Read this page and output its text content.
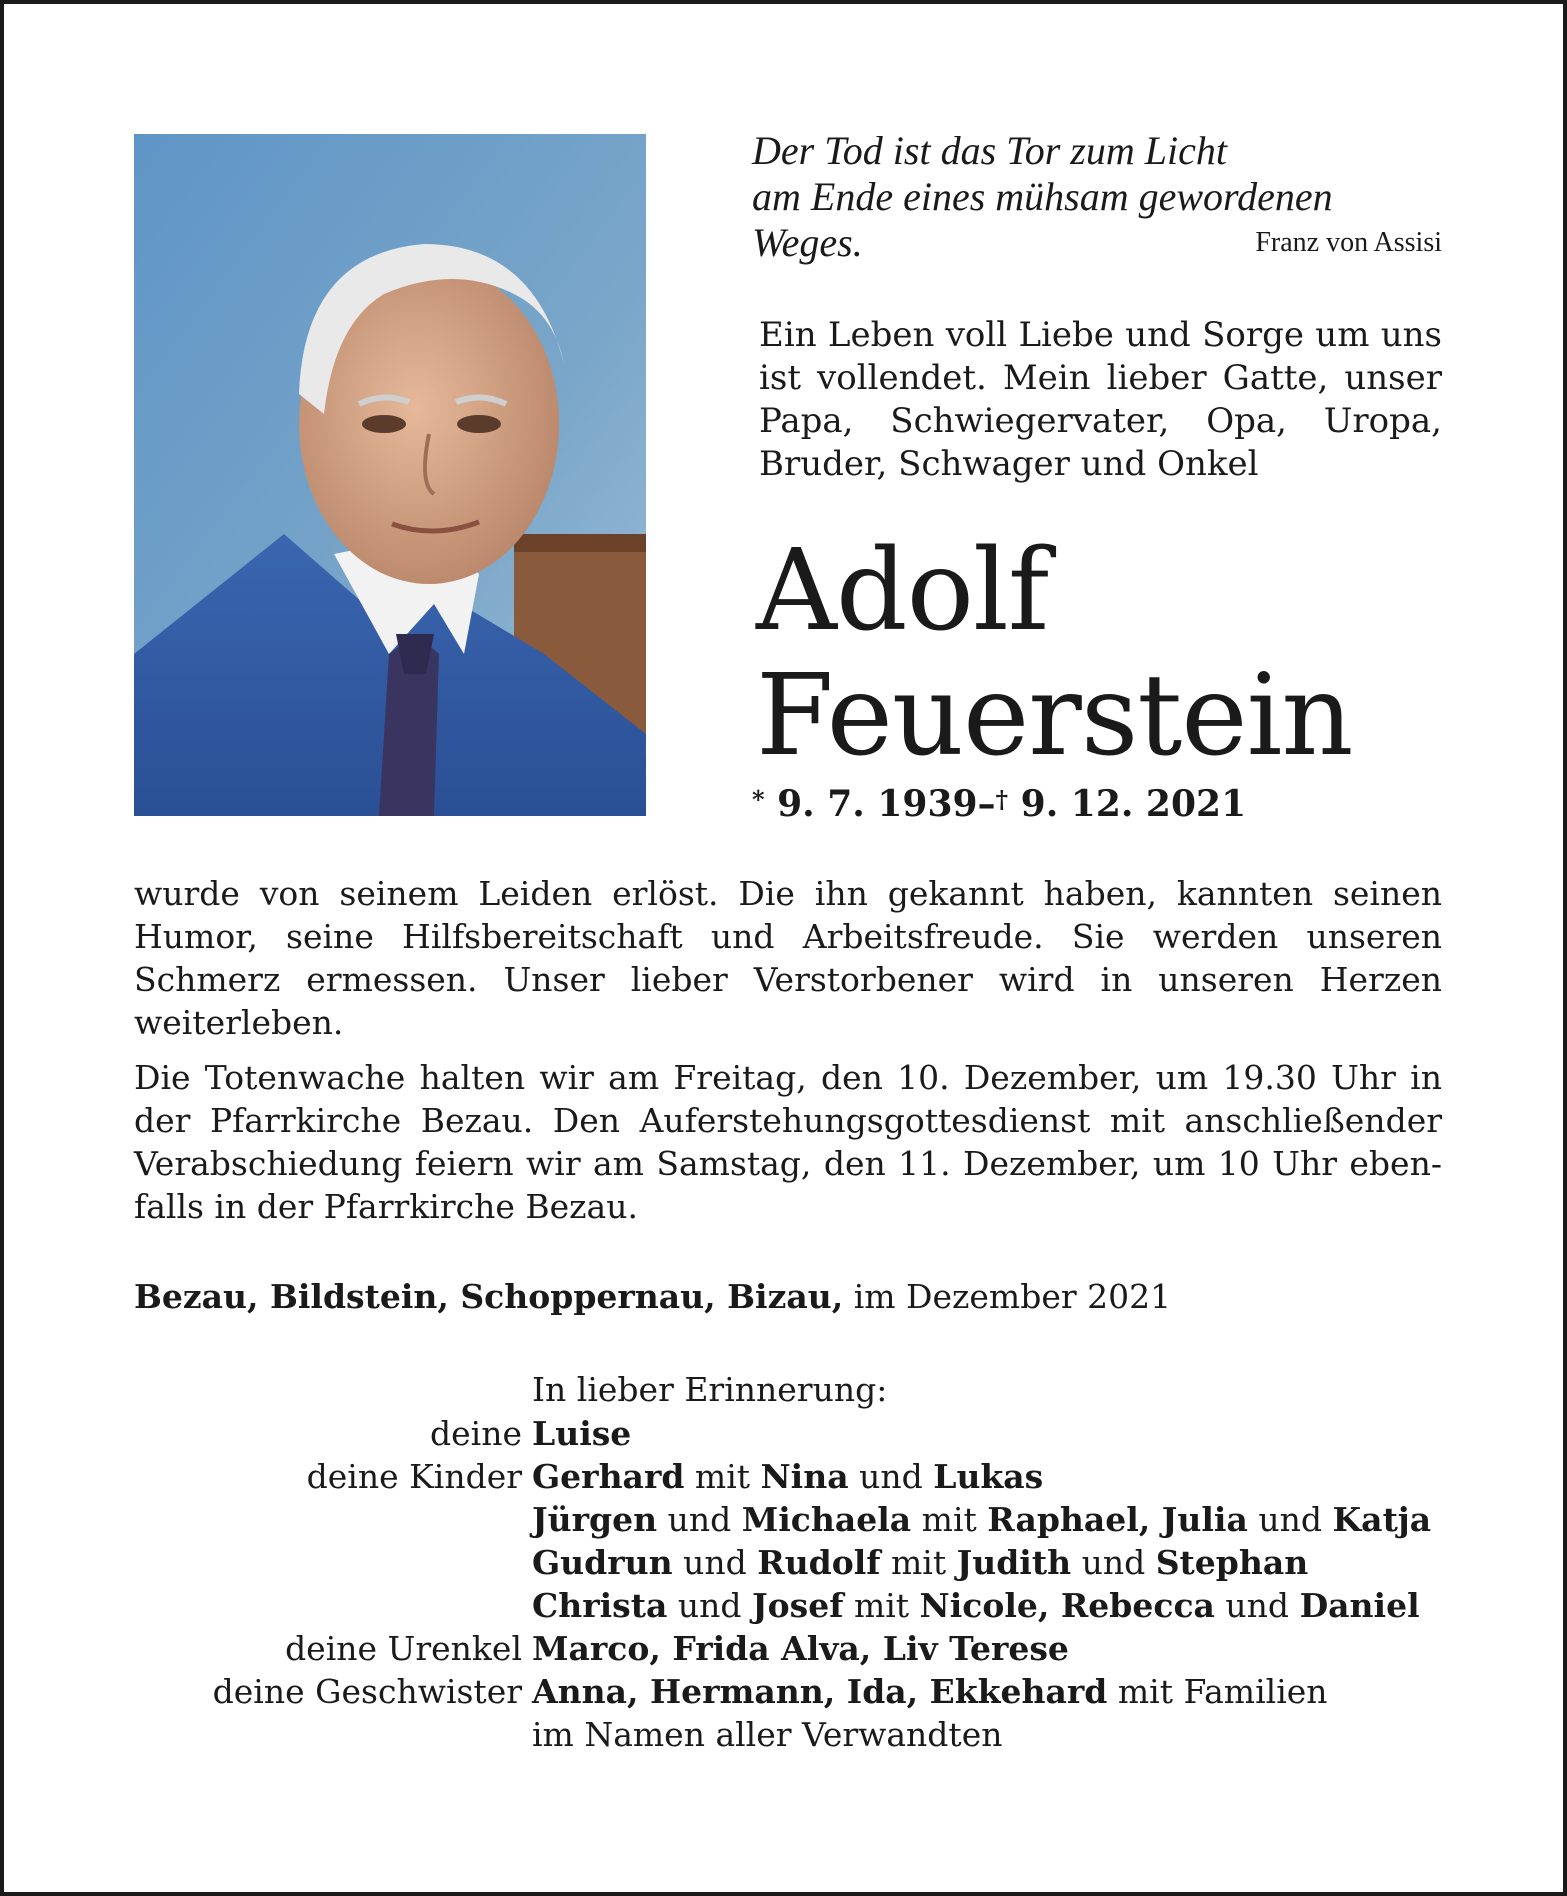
Der Tod ist das Tor zum Licht
am Ende eines mühsam gewordenen Weges.	Franz von Assisi
Ein Leben voll Liebe und Sorge um uns ist vollendet. Mein lieber Gatte, unser Papa, Schwiegervater, Opa, Uropa, Bruder, Schwager und Onkel
Adolf
Feuerstein
* 9. 7. 1939–† 9. 12. 2021
wurde von seinem Leiden erlöst. Die ihn gekannt haben, kannten seinen Humor, seine Hilfsbereitschaft und Arbeitsfreude. Sie werden unseren Schmerz ermessen. Unser lieber Verstorbener wird in unseren Herzen weiterleben.
Die Totenwache halten wir am Freitag, den 10. Dezember, um 19.30 Uhr in der Pfarrkirche Bezau. Den Auferstehungsgottesdienst mit anschließender Verabschiedung feiern wir am Samstag, den 11. Dezember, um 10 Uhr ebenfalls in der Pfarrkirche Bezau.
Bezau, Bildstein, Schoppernau, Bizau, im Dezember 2021
In lieber Erinnerung:
deine Luise
deine Kinder Gerhard mit Nina und Lukas
Jürgen und Michaela mit Raphael, Julia und Katja
Gudrun und Rudolf mit Judith und Stephan
Christa und Josef mit Nicole, Rebecca und Daniel
deine Urenkel Marco, Frida Alva, Liv Terese
deine Geschwister Anna, Hermann, Ida, Ekkehard mit Familien
im Namen aller Verwandten
